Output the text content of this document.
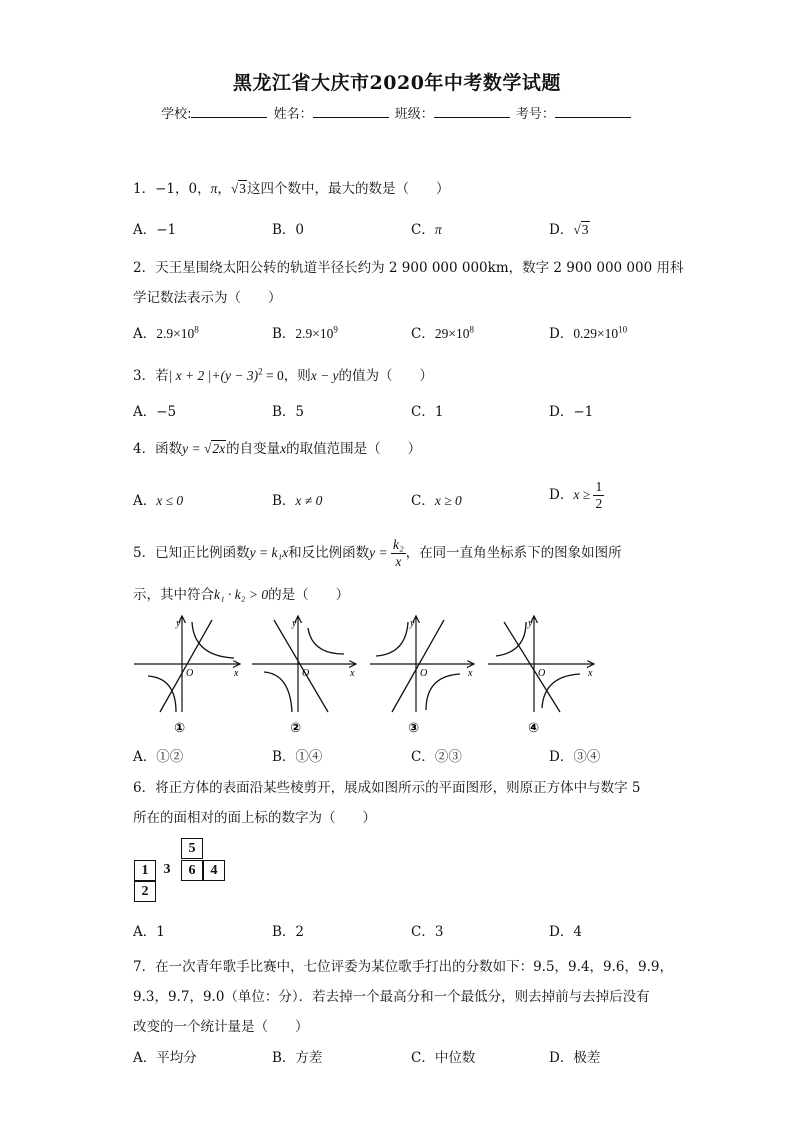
黑龙江省大庆市2020年中考数学试题
学校:	姓名：	班级：	考号：
1．−1，0，π，√3这四个数中，最大的数是（　　）
A．−1	B．0	C．π	D．√3
2．天王星围绕太阳公转的轨道半径长约为 2 900 000 000km，数字 2 900 000 000 用科
学记数法表示为（　　）
A．$2.9\times 10^8$	B．$2.9\times 10^9$	C．$29\times 10^8$	D．$0.29\times 10^{10}$
3．若| x + 2 $|+(y - 3)^2 = 0$，则x − y的值为（　　）
A．−5	B．5	C．1	D．−1
4．函数y = √2x的自变量x的取值范围是（　　）
A．x ≤ 0	B．x ≠ 0	C．x ≥ 0	D．$x \ge \frac{1}{2}$
5．已知正比例函数y = k₁x和反比例函数$y = \frac{\text{k₂}}{x}$ ，在同一直角坐标系下的图象如图所
示，其中符合k₁ · k₂ > 0的是（　　）
y
x
O
y
x
O
y
x
O
y
x
O
①	②	③	④
A．①②	B．①④	C．②③	D．③④
6．将正方体的表面沿某些棱剪开，展成如图所示的平面图形，则原正方体中与数字 5
所在的面相对的面上标的数字为（　　）
5
1	3	6	4
2
A．1	B．2	C．3	D．4
7．在一次青年歌手比赛中，七位评委为某位歌手打出的分数如下：9.5，9.4，9.6，9.9，
9.3，9.7，9.0（单位：分）．若去掉一个最高分和一个最低分，则去掉前与去掉后没有
改变的一个统计量是（　　）
A．平均分	B．方差	C．中位数	D．极差
